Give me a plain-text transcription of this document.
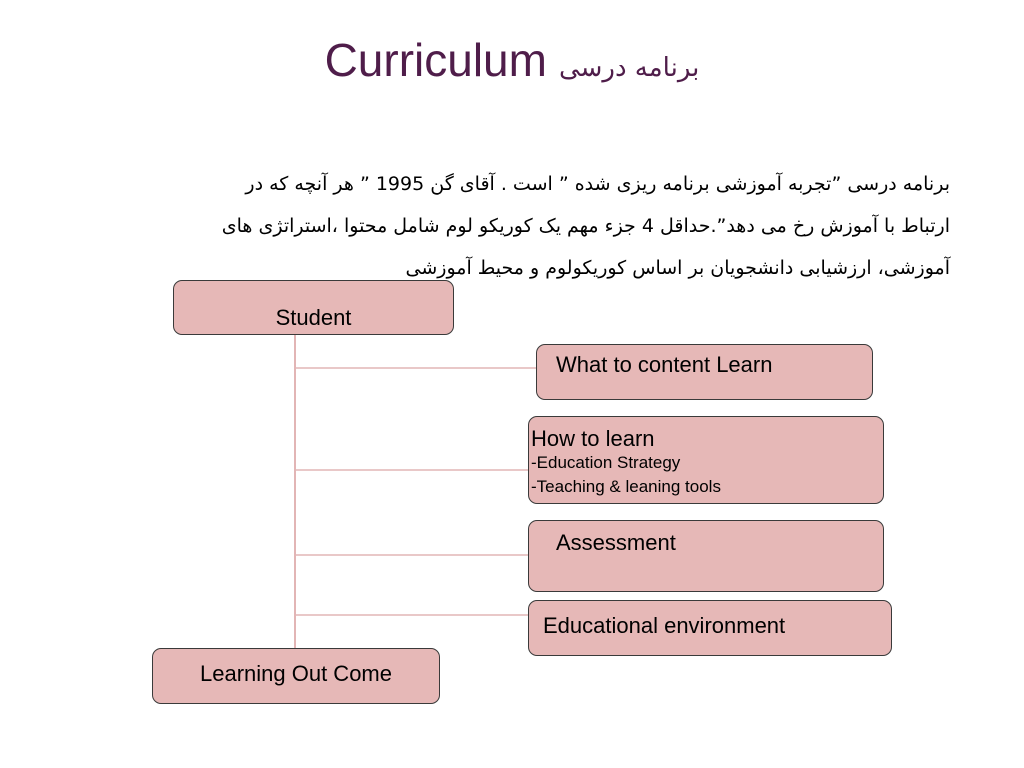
Curriculum برنامه درسی
برنامه درسی ”تجربه آموزشی برنامه ریزی شده ” است . آقای گن 1995 ” هر آنچه که در
ارتباط با آموزش رخ می دهد”.حداقل 4 جزء مهم یک کوریکو لوم شامل محتوا ،استراتژی های
آموزشی، ارزشیابی دانشجویان بر اساس کوریکولوم و محیط آموزشی
Student
What to content Learn
How to learn
-Education Strategy
-Teaching & leaning tools
Assessment
Educational environment
Learning Out Come
